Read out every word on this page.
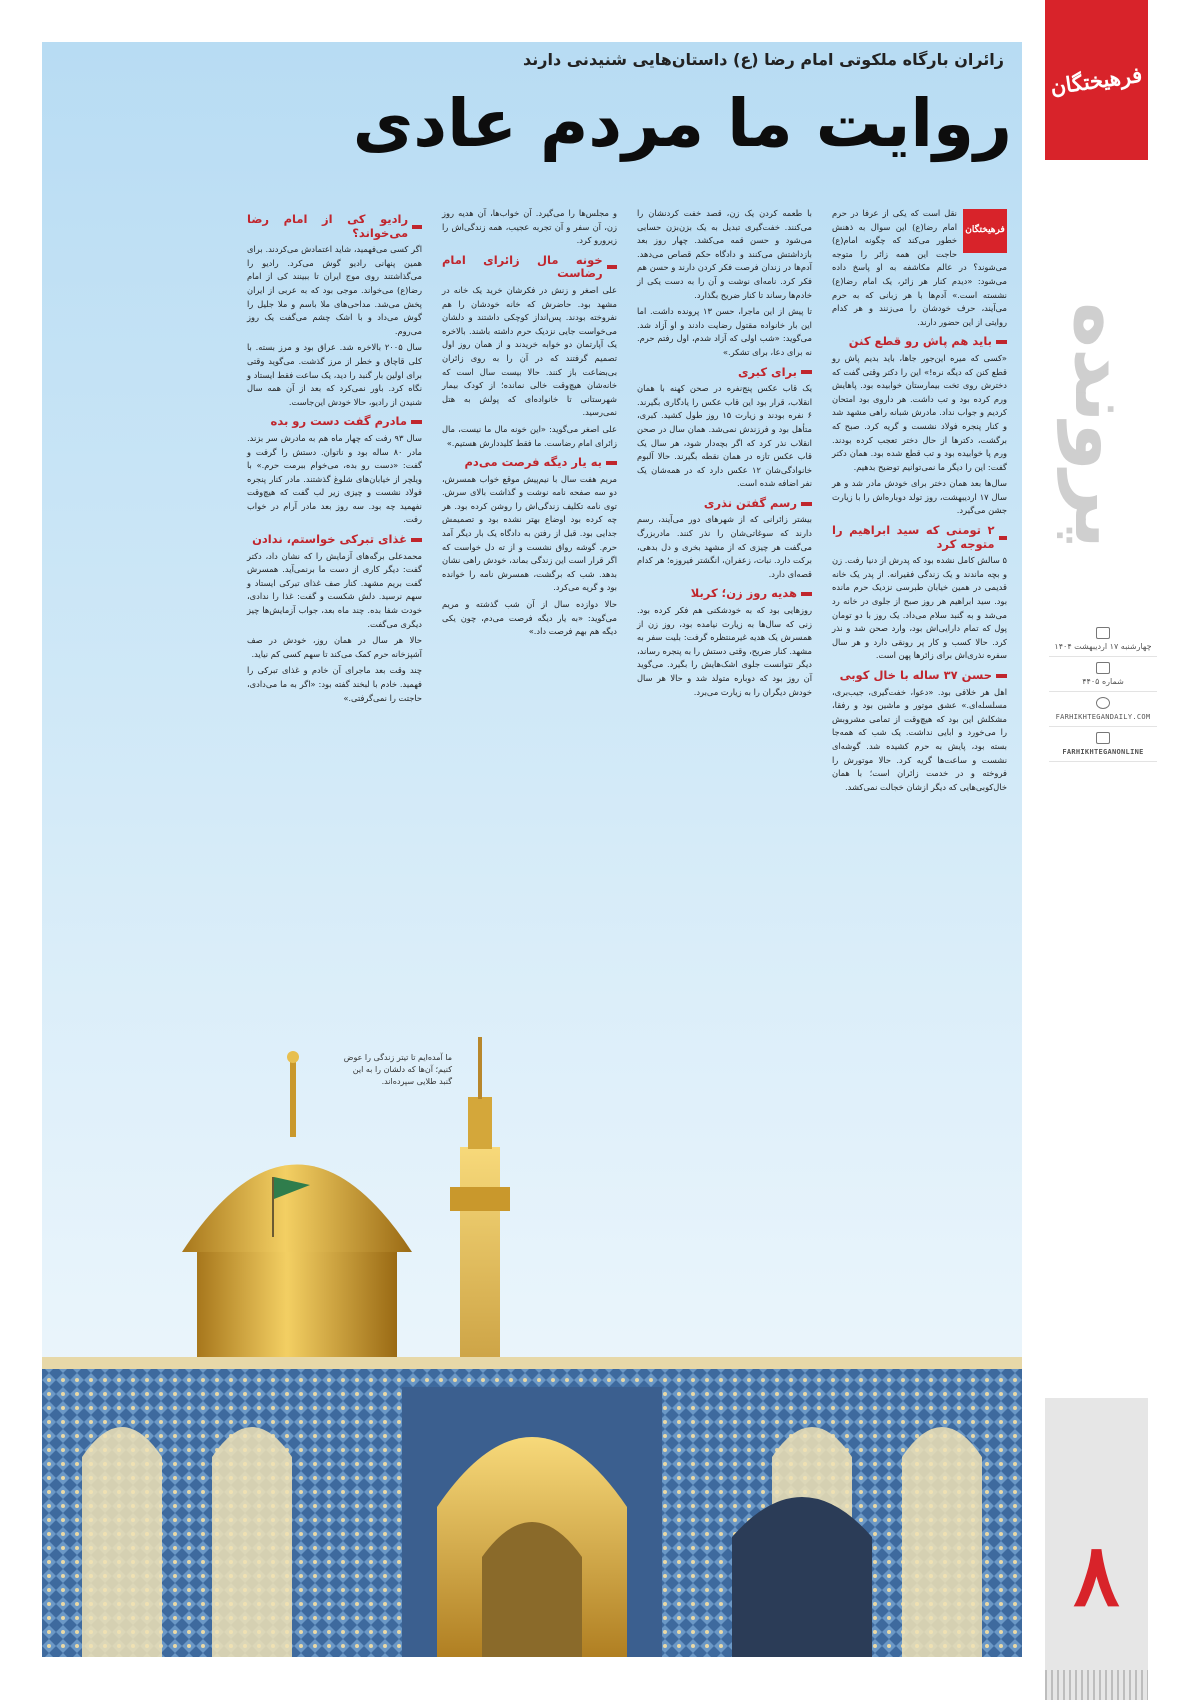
فرهیختگان
پرونده
چهارشنبه ۱۷ اردیبهشت ۱۴۰۴
شماره ۴۴۰۵
FARHIKHTEGANDAILY.COM
FARHIKHTEGANONLINE
۸
زائران بارگاه ملکوتی امام رضا (ع) داستان‌هایی شنیدنی دارند
روایت ما مردم عادی
فرهیختگان

نقل است که یکی از عرفا در حرم امام رضا(ع) این سوال به ذهنش خطور می‌کند که چگونه امام(ع) حاجت این همه زائر را متوجه می‌شوند؟ در عالم مکاشفه به او پاسخ داده می‌شود: «دیدم کنار هر زائر، یک امام رضا(ع) نشسته است.» آدم‌ها با هر زبانی که به حرم می‌آیند، حرف خودشان را می‌زنند و هر کدام روایتی از این حضور دارند.

باید هم پاش رو قطع کنن

«کسی که میره این‌جور جاها، باید بدیم پاش رو قطع کنن که دیگه نره!» این را دکتر وقتی گفت که دخترش روی تخت بیمارستان خوابیده بود. پاهایش ورم کرده بود و تب داشت. هر داروی بود امتحان کردیم و جواب نداد. مادرش شبانه راهی مشهد شد و کنار پنجره فولاد نشست و گریه کرد. صبح که برگشت، دکترها از حال دختر تعجب کرده بودند. ورم پا خوابیده بود و تب قطع شده بود. همان دکتر گفت: این را دیگر ما نمی‌توانیم توضیح بدهیم.

سال‌ها بعد همان دختر برای خودش مادر شد و هر سال ۱۷ اردیبهشت، روز تولد دوباره‌اش را با زیارت جشن می‌گیرد.

۲ تومنی که سید ابراهیم را متوجه کرد

۵ سالش کامل نشده بود که پدرش از دنیا رفت. زن و بچه ماندند و یک زندگی فقیرانه. از پدر یک خانه قدیمی در همین خیابان طبرسی نزدیک حرم مانده بود. سید ابراهیم هر روز صبح از جلوی در خانه رد می‌شد و به گنبد سلام می‌داد. یک روز با دو تومان پول که تمام دارایی‌اش بود، وارد صحن شد و نذر کرد. حالا کسب و کار پر رونقی دارد و هر سال سفره نذری‌اش برای زائرها پهن است.

حسن ۳۷ ساله با خال کوبی

اهل هر خلافی بود. «دعوا، خفت‌گیری، جیب‌بری، مسلسله‌ای.» عشق موتور و ماشین بود و رفقا، مشکلش این بود که هیچ‌وقت از تمامی مشروبش را می‌خورد و ابایی نداشت. یک شب که همه‌جا بسته بود، پایش به حرم کشیده شد. گوشه‌ای نشست و ساعت‌ها گریه کرد. حالا موتورش را فروخته و در خدمت زائران است؛ با همان خال‌کوبی‌هایی که دیگر ازشان خجالت نمی‌کشد.

با طعمه کردن یک زن، قصد خفت کردنشان را می‌کنند. خفت‌گیری تبدیل به یک بزن‌بزن حسابی می‌شود و حسن قمه می‌کشد. چهار روز بعد بازداشتش می‌کنند و دادگاه حکم قصاص می‌دهد. آدم‌ها در زندان فرصت فکر کردن دارند و حسن هم فکر کرد. نامه‌ای نوشت و آن را به دست یکی از خادم‌ها رساند تا کنار ضریح بگذارد.

تا پیش از این ماجرا، حسن ۱۳ پرونده داشت. اما این بار خانواده مقتول رضایت دادند و او آزاد شد. می‌گوید: «شب اولی که آزاد شدم، اول رفتم حرم. نه برای دعا، برای تشکر.»

برای کبری

یک قاب عکس پنج‌نفره در صحن کهنه با همان انقلاب، قرار بود این قاب عکس را یادگاری بگیرند. ۶ نفره بودند و زیارت ۱۵ روز طول کشید. کبری، متأهل بود و فرزندش نمی‌شد. همان سال در صحن انقلاب نذر کرد که اگر بچه‌دار شود، هر سال یک قاب عکس تازه در همان نقطه بگیرند. حالا آلبوم خانوادگی‌شان ۱۲ عکس دارد که در همه‌شان یک نفر اضافه شده است.

رسم گفتن نذری

بیشتر زائرانی که از شهرهای دور می‌آیند، رسم دارند که سوغاتی‌شان را نذر کنند. مادربزرگ می‌گفت هر چیزی که از مشهد بخری و دل بدهی، برکت دارد. نبات، زعفران، انگشتر فیروزه؛ هر کدام قصه‌ای دارد.

هدیه روز زن؛ کربلا

روزهایی بود که به خودشکنی هم فکر کرده بود. زنی که سال‌ها به زیارت نیامده بود، روز زن از همسرش یک هدیه غیرمنتظره گرفت: بلیت سفر به مشهد. کنار ضریح، وقتی دستش را به پنجره رساند، دیگر نتوانست جلوی اشک‌هایش را بگیرد. می‌گوید آن روز بود که دوباره متولد شد و حالا هر سال خودش دیگران را به زیارت می‌برد.

و مجلس‌ها را می‌گیرد. آن خواب‌ها، آن هدیه روز زن، آن سفر و آن تجربه عجیب، همه زندگی‌اش را زیرورو کرد.

خونه مال زائرای امام رضاست

علی اصغر و زنش در فکرشان خرید یک خانه در مشهد بود. حاضرش که خانه خودشان را هم نفروخته بودند. پس‌انداز کوچکی داشتند و دلشان می‌خواست جایی نزدیک حرم داشته باشند. بالاخره یک آپارتمان دو خوابه خریدند و از همان روز اول تصمیم گرفتند که در آن را به روی زائران بی‌بضاعت باز کنند. حالا بیست سال است که خانه‌شان هیچ‌وقت خالی نمانده؛ از کودک بیمار شهرستانی تا خانواده‌ای که پولش به هتل نمی‌رسید.

علی اصغر می‌گوید: «این خونه مال ما نیست، مال زائرای امام رضاست. ما فقط کلیددارش هستیم.»

به یار دیگه فرصت می‌دم

مریم هفت سال با نیم‌پیش موقع خواب همسرش، دو سه صفحه نامه نوشت و گذاشت بالای سرش. توی نامه تکلیف زندگی‌اش را روشن کرده بود. هر چه کرده بود اوضاع بهتر نشده بود و تصمیمش جدایی بود. قبل از رفتن به دادگاه یک بار دیگر آمد حرم. گوشه رواق نشست و از ته دل خواست که اگر قرار است این زندگی بماند، خودش راهی نشان بدهد. شب که برگشت، همسرش نامه را خوانده بود و گریه می‌کرد.

حالا دوازده سال از آن شب گذشته و مریم می‌گوید: «به یار دیگه فرصت می‌دم، چون یکی دیگه هم بهم فرصت داد.»

رادیو کی از امام رضا می‌خواند؟

اگر کسی می‌فهمید، شاید اعتمادش می‌کردند. برای همین پنهانی رادیو گوش می‌کرد. رادیو را می‌گذاشتند روی موج ایران تا ببینند کی از امام رضا(ع) می‌خواند. موجی بود که به عربی از ایران پخش می‌شد. مداحی‌های ملا باسم و ملا جلیل را گوش می‌داد و با اشک چشم می‌گفت یک روز می‌روم.

سال ۲۰۰۵ بالاخره شد. عراق بود و مرز بسته. با کلی قاچاق و خطر از مرز گذشت. می‌گوید وقتی برای اولین بار گنبد را دید، یک ساعت فقط ایستاد و نگاه کرد. باور نمی‌کرد که بعد از آن همه سال شنیدن از رادیو، حالا خودش این‌جاست.

مادرم گفت دست رو بده

سال ۹۳ رفت که چهار ماه هم به مادرش سر بزند. مادر ۸۰ ساله بود و ناتوان. دستش را گرفت و گفت: «دست رو بده، می‌خوام ببرمت حرم.» با ویلچر از خیابان‌های شلوغ گذشتند. مادر کنار پنجره فولاد نشست و چیزی زیر لب گفت که هیچ‌وقت نفهمید چه بود. سه روز بعد مادر آرام در خواب رفت.

غذای تبرکی خواستم، ندادن

محمدعلی برگه‌های آزمایش را که نشان داد، دکتر گفت: دیگر کاری از دست ما برنمی‌آید. همسرش گفت بریم مشهد. کنار صف غذای تبرکی ایستاد و سهم نرسید. دلش شکست و گفت: غذا را ندادی، خودت شفا بده. چند ماه بعد، جواب آزمایش‌ها چیز دیگری می‌گفت.

حالا هر سال در همان روز، خودش در صف آشپزخانه حرم کمک می‌کند تا سهم کسی کم نیاید.

چند وقت بعد ماجرای آن خادم و غذای تبرکی را فهمید. خادم با لبخند گفته بود: «اگر به ما می‌دادی، حاجتت را نمی‌گرفتی.»

ما آمده‌ایم تا تیتر زندگی را عوض کنیم؛ آن‌ها که دلشان را به این گنبد طلایی سپرده‌اند.
